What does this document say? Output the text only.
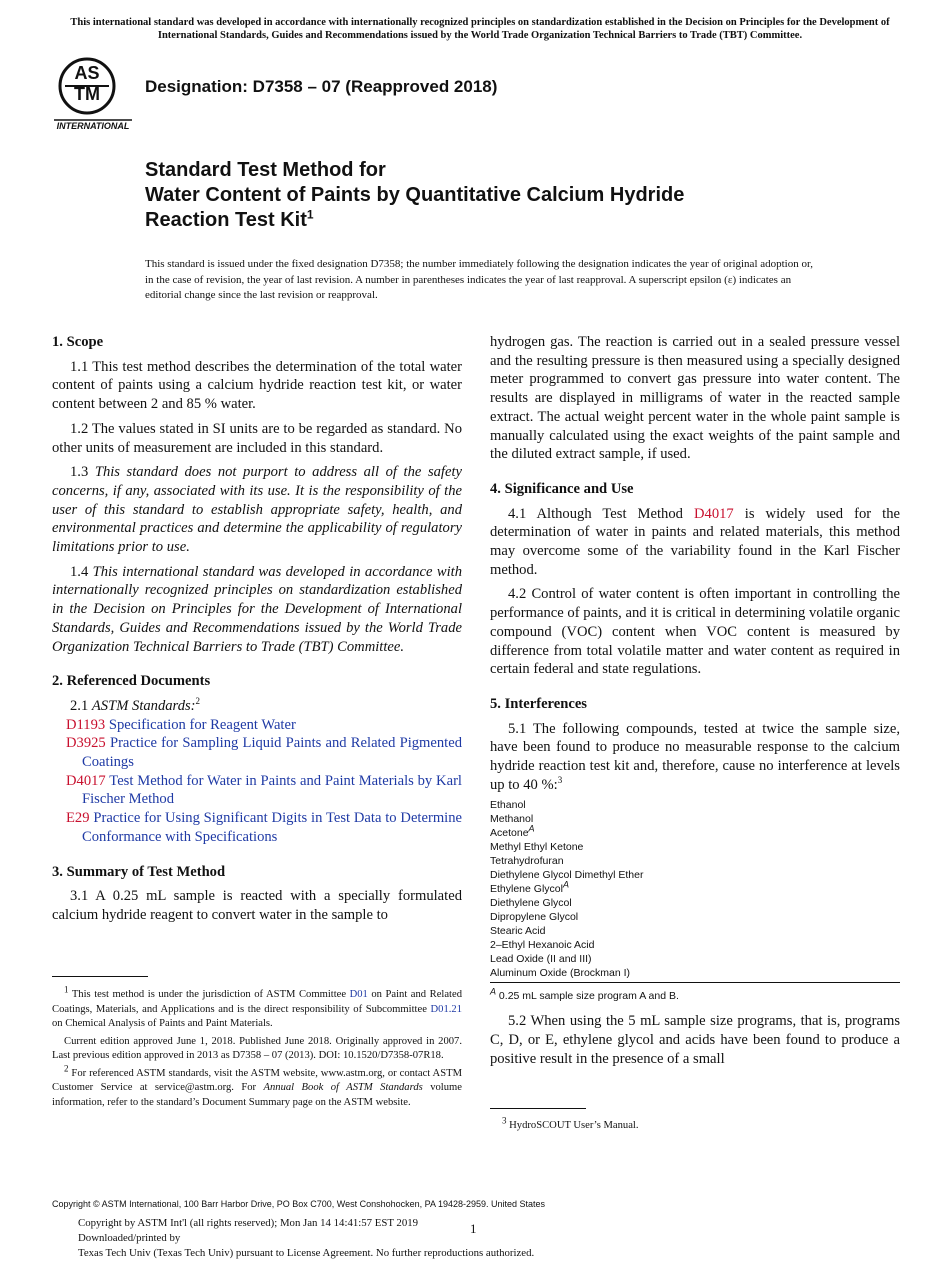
This international standard was developed in accordance with internationally recognized principles on standardization established in the Decision on Principles for the Development of International Standards, Guides and Recommendations issued by the World Trade Organization Technical Barriers to Trade (TBT) Committee.
AS
TM
INTERNATIONAL
Designation: D7358 – 07 (Reapproved 2018)
Standard Test Method for
Water Content of Paints by Quantitative Calcium Hydride
Reaction Test Kit$^1$
This standard is issued under the fixed designation D7358; the number immediately following the designation indicates the year of original adoption or, in the case of revision, the year of last revision. A number in parentheses indicates the year of last reapproval. A superscript epsilon (ε) indicates an editorial change since the last revision or reapproval.
1. Scope

1.1 This test method describes the determination of the total water content of paints using a calcium hydride reaction test kit, or water content between 2 and 85 % water.

1.2 The values stated in SI units are to be regarded as standard. No other units of measurement are included in this standard.

1.3 This standard does not purport to address all of the safety concerns, if any, associated with its use. It is the responsibility of the user of this standard to establish appropriate safety, health, and environmental practices and determine the applicability of regulatory limitations prior to use.

1.4 This international standard was developed in accordance with internationally recognized principles on standardization established in the Decision on Principles for the Development of International Standards, Guides and Recommendations issued by the World Trade Organization Technical Barriers to Trade (TBT) Committee.

2. Referenced Documents

2.1 ASTM Standards:$^2$

D1193 Specification for Reagent Water
D3925 Practice for Sampling Liquid Paints and Related Pigmented Coatings
D4017 Test Method for Water in Paints and Paint Materials by Karl Fischer Method
E29 Practice for Using Significant Digits in Test Data to Determine Conformance with Specifications
3. Summary of Test Method

3.1 A 0.25 mL sample is reacted with a specially formulated calcium hydride reagent to convert water in the sample to

hydrogen gas. The reaction is carried out in a sealed pressure vessel and the resulting pressure is then measured using a specially designed meter programmed to convert gas pressure into water content. The results are displayed in milligrams of water in the reacted sample extract. The actual weight percent water in the whole paint sample is manually calculated using the exact weights of the paint sample and the diluted extract sample, if used.

4. Significance and Use

4.1 Although Test Method D4017 is widely used for the determination of water in paints and related materials, this method may overcome some of the variability found in the Karl Fischer method.

4.2 Control of water content is often important in controlling the performance of paints, and it is critical in determining volatile organic compound (VOC) content when VOC content is measured by difference from total volatile matter and water content as required in certain federal and state regulations.

5. Interferences

5.1 The following compounds, tested at twice the sample size, have been found to produce no measurable response to the calcium hydride reaction test kit and, therefore, cause no interference at levels up to 40 %:$^3$

Ethanol
Methanol
Acetone$^A$
Methyl Ethyl Ketone
Tetrahydrofuran
Diethylene Glycol Dimethyl Ether
Ethylene Glycol$^A$
Diethylene Glycol
Dipropylene Glycol
Stearic Acid
2–Ethyl Hexanoic Acid
Lead Oxide (II and III)
Aluminum Oxide (Brockman I)

$^A$ 0.25 mL sample size program A and B.

5.2 When using the 5 mL sample size programs, that is, programs C, D, or E, ethylene glycol and acids have been found to produce a positive result in the presence of a small

$^1$ This test method is under the jurisdiction of ASTM Committee D01 on Paint and Related Coatings, Materials, and Applications and is the direct responsibility of Subcommittee D01.21 on Chemical Analysis of Paints and Paint Materials.

Current edition approved June 1, 2018. Published June 2018. Originally approved in 2007. Last previous edition approved in 2013 as D7358 – 07 (2013). DOI: 10.1520/D7358-07R18.

$^2$ For referenced ASTM standards, visit the ASTM website, www.astm.org, or contact ASTM Customer Service at service@astm.org. For Annual Book of ASTM Standards volume information, refer to the standard’s Document Summary page on the ASTM website.

$^3$ HydroSCOUT User’s Manual.

Copyright © ASTM International, 100 Barr Harbor Drive, PO Box C700, West Conshohocken, PA 19428-2959. United States
Copyright by ASTM Int'l (all rights reserved); Mon Jan 14 14:41:57 EST 2019
Downloaded/printed by
Texas Tech Univ (Texas Tech Univ) pursuant to License Agreement. No further reproductions authorized.
1
